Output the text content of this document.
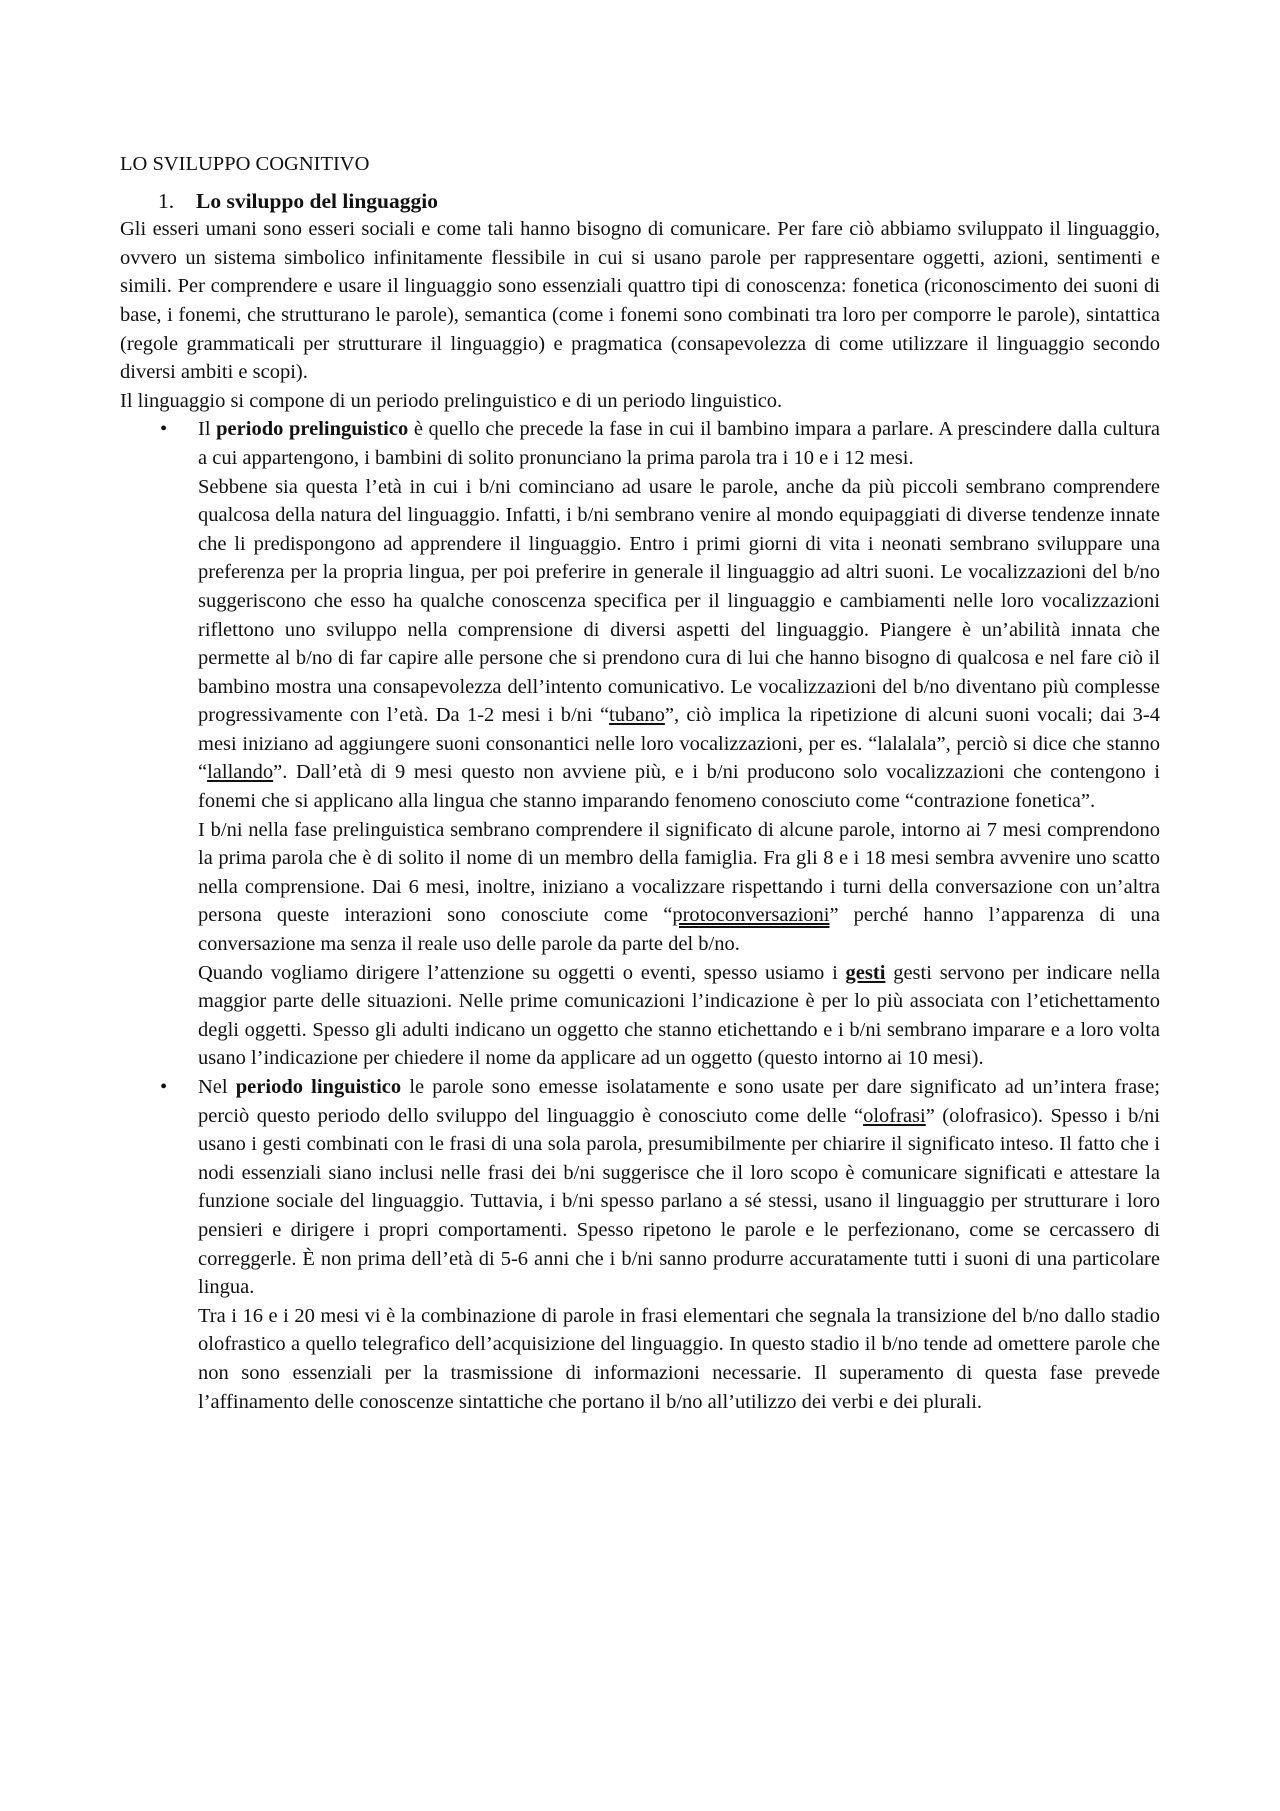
LO SVILUPPO COGNITIVO
1. Lo sviluppo del linguaggio

Gli esseri umani sono esseri sociali e come tali hanno bisogno di comunicare. Per fare ciò abbiamo sviluppato il linguaggio, ovvero un sistema simbolico infinitamente flessibile in cui si usano parole per rappresentare oggetti, azioni, sentimenti e simili. Per comprendere e usare il linguaggio sono essenziali quattro tipi di conoscenza: fonetica (riconoscimento dei suoni di base, i fonemi, che strutturano le parole), semantica (come i fonemi sono combinati tra loro per comporre le parole), sintattica (regole grammaticali per strutturare il linguaggio) e pragmatica (consapevolezza di come utilizzare il linguaggio secondo diversi ambiti e scopi).

Il linguaggio si compone di un periodo prelinguistico e di un periodo linguistico.

• Il periodo prelinguistico è quello che precede la fase in cui il bambino impara a parlare. A prescindere dalla cultura a cui appartengono, i bambini di solito pronunciano la prima parola tra i 10 e i 12 mesi.

Sebbene sia questa l’età in cui i b/ni cominciano ad usare le parole, anche da più piccoli sembrano comprendere qualcosa della natura del linguaggio. Infatti, i b/ni sembrano venire al mondo equipaggiati di diverse tendenze innate che li predispongono ad apprendere il linguaggio. Entro i primi giorni di vita i neonati sembrano sviluppare una preferenza per la propria lingua, per poi preferire in generale il linguaggio ad altri suoni. Le vocalizzazioni del b/no suggeriscono che esso ha qualche conoscenza specifica per il linguaggio e cambiamenti nelle loro vocalizzazioni riflettono uno sviluppo nella comprensione di diversi aspetti del linguaggio. Piangere è un’abilità innata che permette al b/no di far capire alle persone che si prendono cura di lui che hanno bisogno di qualcosa e nel fare ciò il bambino mostra una consapevolezza dell’intento comunicativo. Le vocalizzazioni del b/no diventano più complesse progressivamente con l’età. Da 1-2 mesi i b/ni “tubano”, ciò implica la ripetizione di alcuni suoni vocali; dai 3-4 mesi iniziano ad aggiungere suoni consonantici nelle loro vocalizzazioni, per es. “lalalala”, perciò si dice che stanno “lallando”. Dall’età di 9 mesi questo non avviene più, e i b/ni producono solo vocalizzazioni che contengono i fonemi che si applicano alla lingua che stanno imparando fenomeno conosciuto come “contrazione fonetica”.

I b/ni nella fase prelinguistica sembrano comprendere il significato di alcune parole, intorno ai 7 mesi comprendono la prima parola che è di solito il nome di un membro della famiglia. Fra gli 8 e i 18 mesi sembra avvenire uno scatto nella comprensione. Dai 6 mesi, inoltre, iniziano a vocalizzare rispettando i turni della conversazione con un’altra persona queste interazioni sono conosciute come “protoconversazioni” perché hanno l’apparenza di una conversazione ma senza il reale uso delle parole da parte del b/no.

Quando vogliamo dirigere l’attenzione su oggetti o eventi, spesso usiamo i gesti gesti servono per indicare nella maggior parte delle situazioni. Nelle prime comunicazioni l’indicazione è per lo più associata con l’etichettamento degli oggetti. Spesso gli adulti indicano un oggetto che stanno etichettando e i b/ni sembrano imparare e a loro volta usano l’indicazione per chiedere il nome da applicare ad un oggetto (questo intorno ai 10 mesi).

• Nel periodo linguistico le parole sono emesse isolatamente e sono usate per dare significato ad un’intera frase; perciò questo periodo dello sviluppo del linguaggio è conosciuto come delle “olofrasi” (olofrasico). Spesso i b/ni usano i gesti combinati con le frasi di una sola parola, presumibilmente per chiarire il significato inteso. Il fatto che i nodi essenziali siano inclusi nelle frasi dei b/ni suggerisce che il loro scopo è comunicare significati e attestare la funzione sociale del linguaggio. Tuttavia, i b/ni spesso parlano a sé stessi, usano il linguaggio per strutturare i loro pensieri e dirigere i propri comportamenti. Spesso ripetono le parole e le perfezionano, come se cercassero di correggerle. È non prima dell’età di 5-6 anni che i b/ni sanno produrre accuratamente tutti i suoni di una particolare lingua.

Tra i 16 e i 20 mesi vi è la combinazione di parole in frasi elementari che segnala la transizione del b/no dallo stadio olofrastico a quello telegrafico dell’acquisizione del linguaggio. In questo stadio il b/no tende ad omettere parole che non sono essenziali per la trasmissione di informazioni necessarie. Il superamento di questa fase prevede l’affinamento delle conoscenze sintattiche che portano il b/no all’utilizzo dei verbi e dei plurali.
